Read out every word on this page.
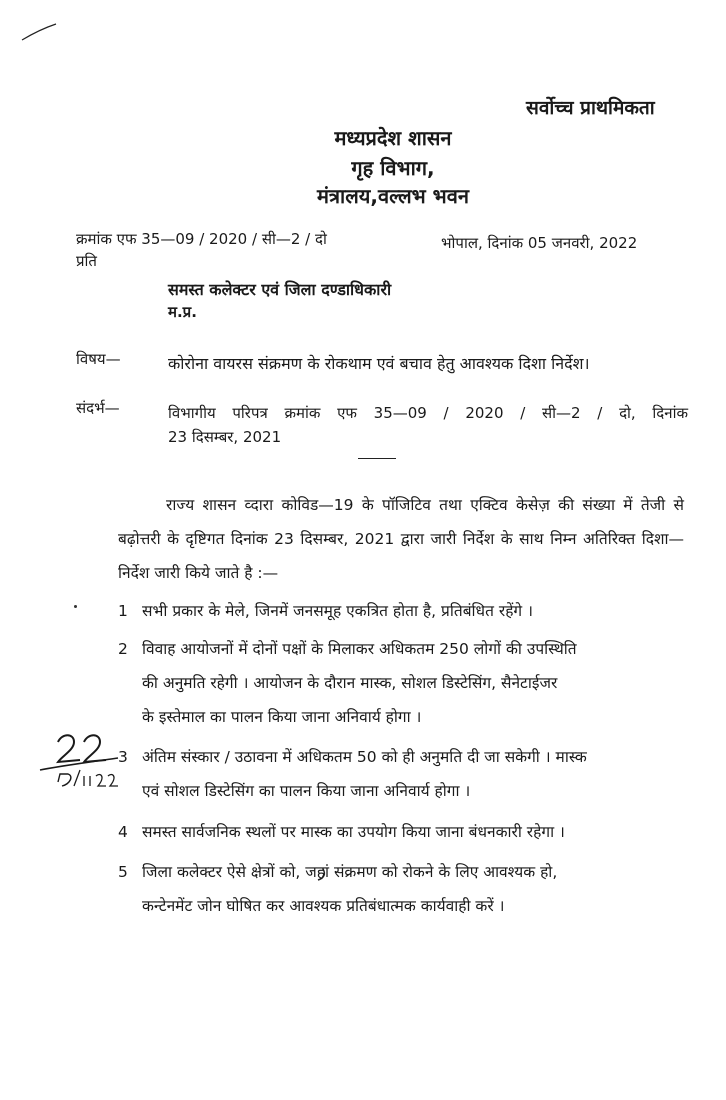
सर्वोच्च प्राथमिकता
मध्यप्रदेश शासन
गृह विभाग,
मंत्रालय,वल्लभ भवन
क्रमांक एफ 35—09 / 2020 / सी—2 / दो
प्रति
भोपाल, दिनांक 05 जनवरी, 2022
समस्त कलेक्टर एवं जिला दण्डाधिकारी
म.प्र.
विषय—	कोरोना वायरस संक्रमण के रोकथाम एवं बचाव हेतु आवश्यक दिशा निर्देश।
संदर्भ—	विभागीय परिपत्र क्रमांक एफ 35—09 / 2020 / सी—2 / दो, दिनांक
23 दिसम्बर, 2021
राज्य शासन व्दारा कोविड—19 के पॉजिटिव तथा एक्टिव केसेज़ की संख्या में तेजी से बढ़ोत्तरी के दृष्टिगत दिनांक 23 दिसम्बर, 2021 द्वारा जारी निर्देश के साथ निम्न अतिरिक्त दिशा—निर्देश जारी किये जाते है :—
1 सभी प्रकार के मेले, जिनमें जनसमूह एकत्रित होता है, प्रतिबंधित रहेंगे ।
2 विवाह आयोजनों में दोनों पक्षों के मिलाकर अधिकतम 250 लोगों की उपस्थिति
की अनुमति रहेगी । आयोजन के दौरान मास्क, सोशल डिस्टेसिंग, सैनेटाईजर
के इस्तेमाल का पालन किया जाना अनिवार्य होगा ।
3 अंतिम संस्कार / उठावना में अधिकतम 50 को ही अनुमति दी जा सकेगी । मास्क
एवं सोशल डिस्टेसिंग का पालन किया जाना अनिवार्य होगा ।
4 समस्त सार्वजनिक स्थलों पर मास्क का उपयोग किया जाना बंधनकारी रहेगा ।
5 जिला कलेक्टर ऐसे क्षेत्रों को, जहां संक्रमण को रोकने के लिए आवश्यक हो,
कन्टेनमेंट जोन घोषित कर आवश्यक प्रतिबंधात्मक कार्यवाही करें ।
